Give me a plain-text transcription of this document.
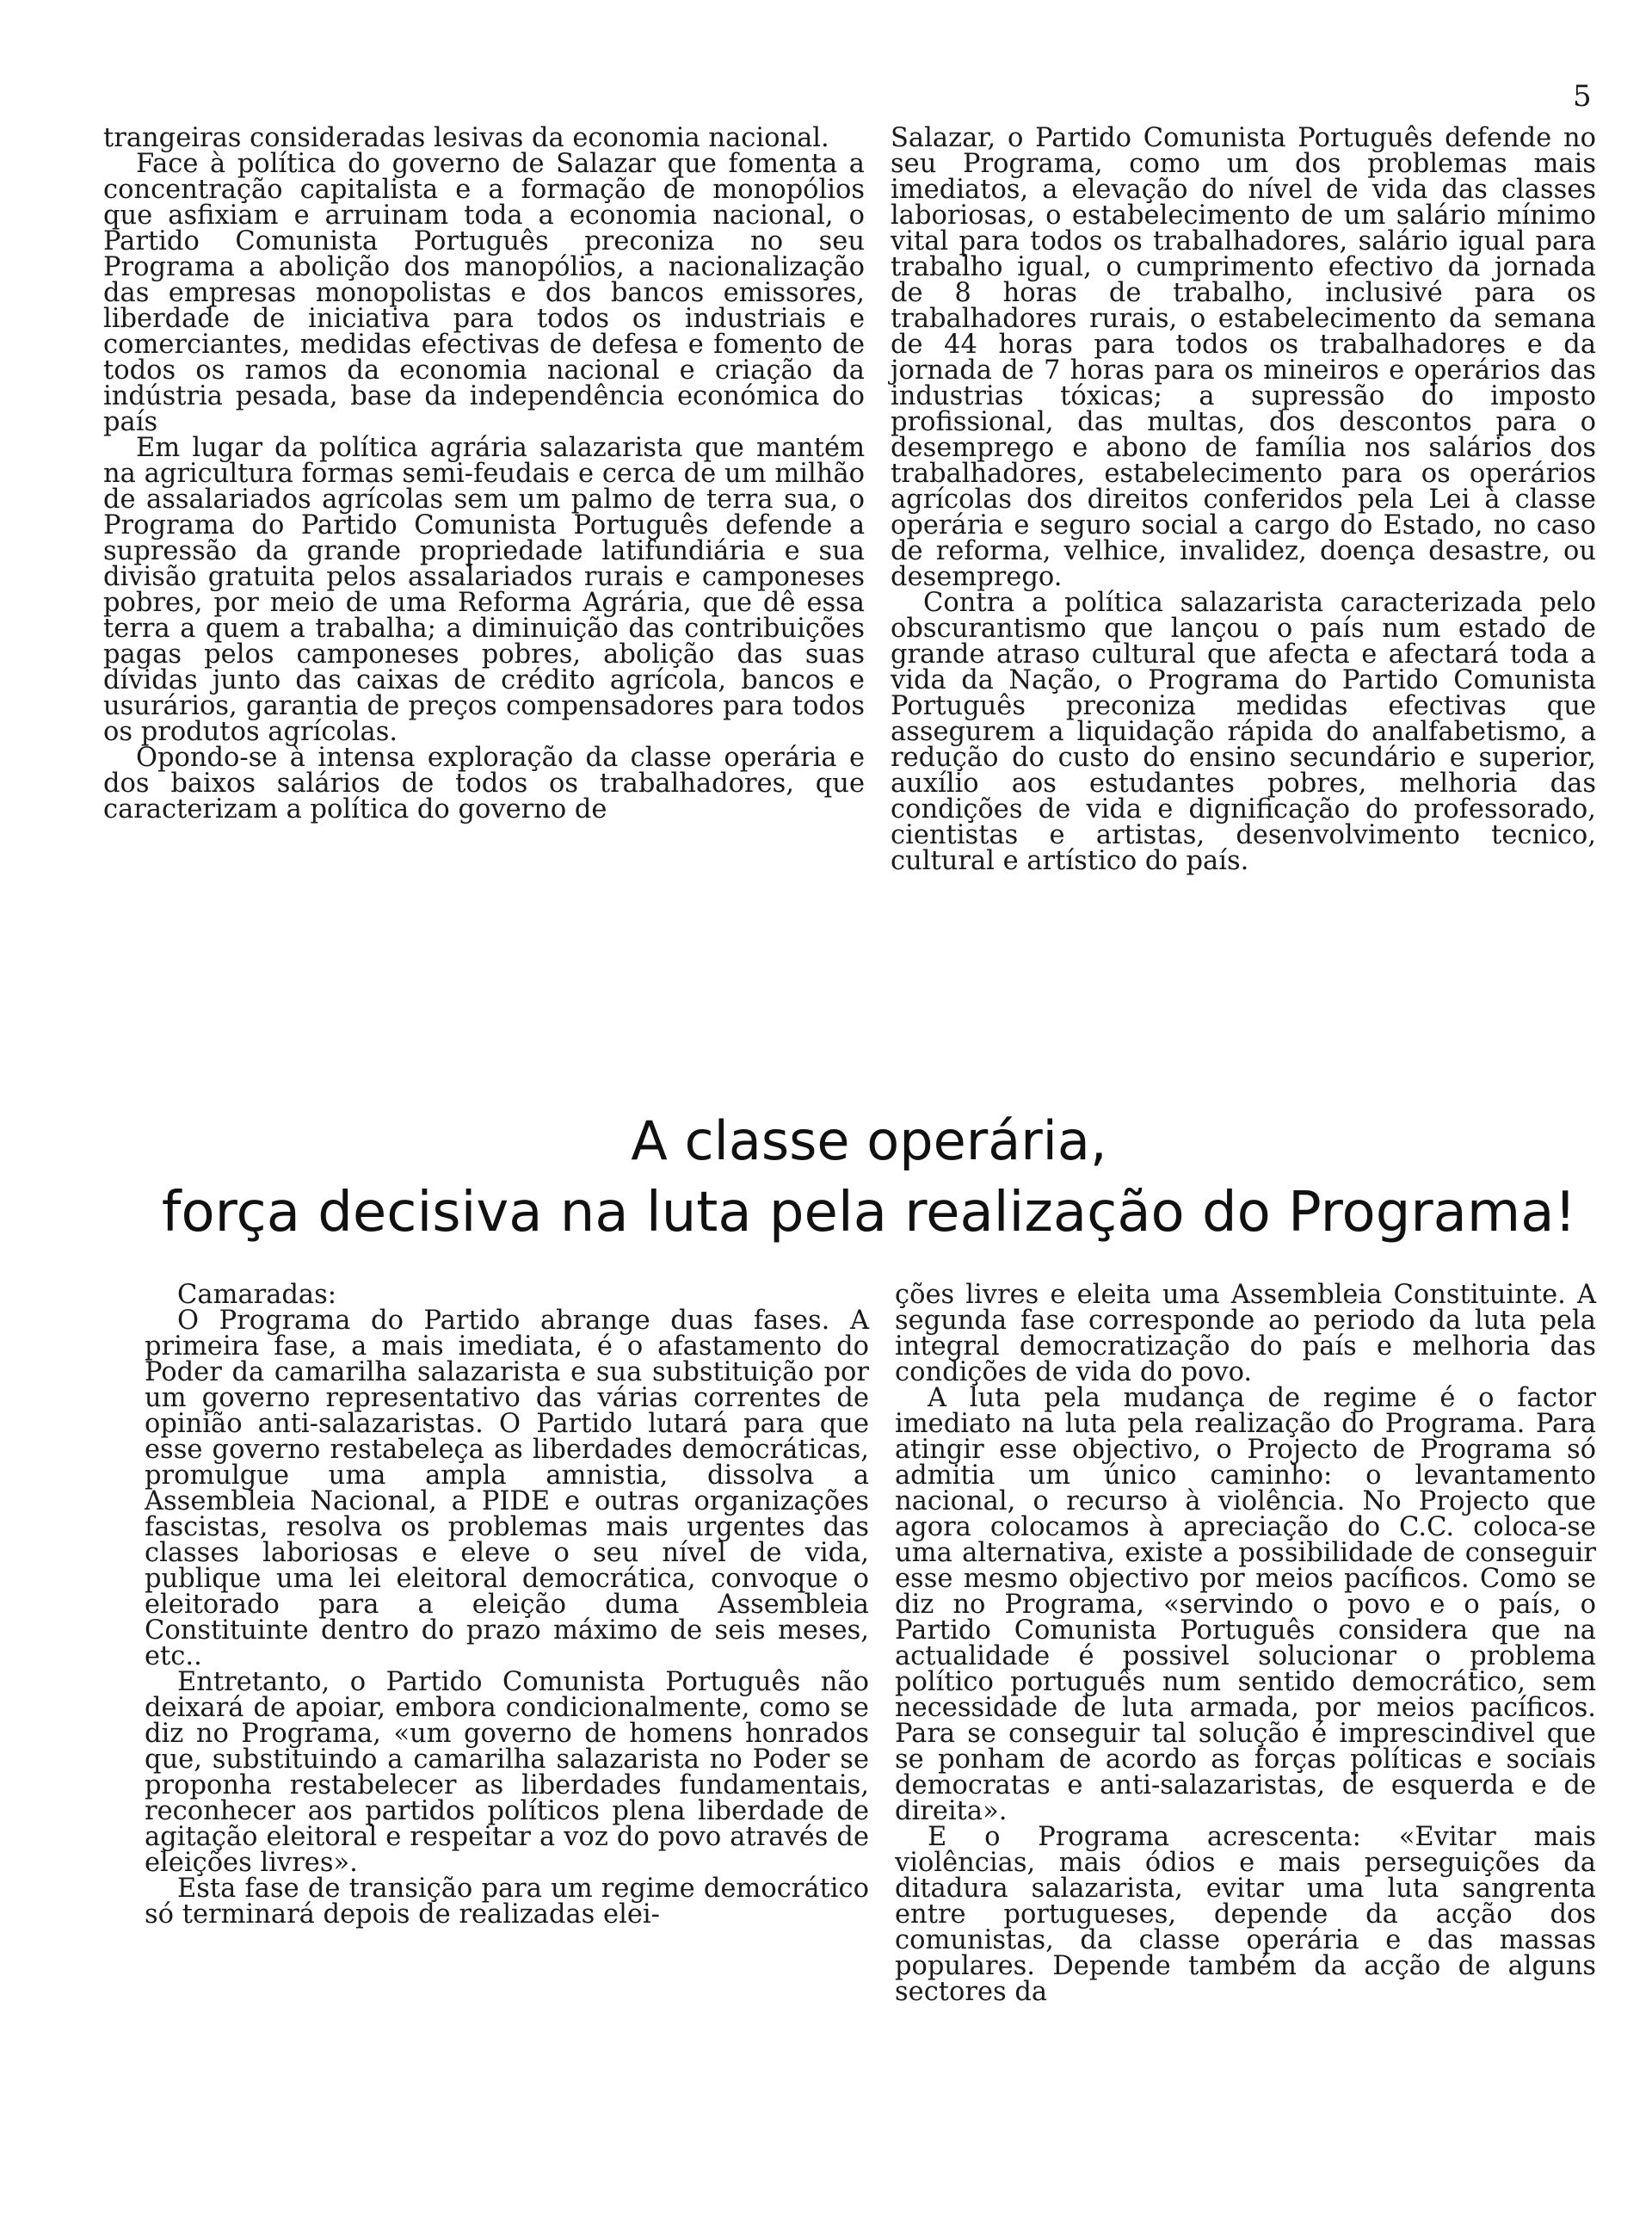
5

trangeiras consideradas lesivas da economia nacional.

Face à política do governo de Salazar que fomenta a concentração capitalista e a formação de monopólios que asfixiam e arruinam toda a economia nacional, o Partido Comunista Português preconiza no seu Programa a abolição dos manopólios, a nacionalização das empresas monopolistas e dos bancos emissores, liberdade de iniciativa para todos os industriais e comerciantes, medidas efectivas de defesa e fomento de todos os ramos da economia nacional e criação da indústria pesada, base da independência económica do país

Em lugar da política agrária salazarista que mantém na agricultura formas semi-feudais e cerca de um milhão de assalariados agrícolas sem um palmo de terra sua, o Programa do Partido Comunista Português defende a supressão da grande propriedade latifundiária e sua divisão gratuita pelos assalariados rurais e camponeses pobres, por meio de uma Reforma Agrária, que dê essa terra a quem a trabalha; a diminuição das contribuições pagas pelos camponeses pobres, abolição das suas dívidas junto das caixas de crédito agrícola, bancos e usurários, garantia de preços compensadores para todos os produtos agrícolas.

Opondo-se à intensa exploração da classe operária e dos baixos salários de todos os trabalhadores, que caracterizam a política do governo de

Salazar, o Partido Comunista Português defende no seu Programa, como um dos problemas mais imediatos, a elevação do nível de vida das classes laboriosas, o estabelecimento de um salário mínimo vital para todos os trabalhadores, salário igual para trabalho igual, o cumprimento efectivo da jornada de 8 horas de trabalho, inclusivé para os trabalhadores rurais, o estabelecimento da semana de 44 horas para todos os trabalhadores e da jornada de 7 horas para os mineiros e operários das industrias tóxicas; a supressão do imposto profissional, das multas, dos descontos para o desemprego e abono de família nos salários dos trabalhadores, estabelecimento para os operários agrícolas dos direitos conferidos pela Lei à classe operária e seguro social a cargo do Estado, no caso de reforma, velhice, invalidez, doença desastre, ou desemprego.

Contra a política salazarista caracterizada pelo obscurantismo que lançou o país num estado de grande atraso cultural que afecta e afectará toda a vida da Nação, o Programa do Partido Comunista Português preconiza medidas efectivas que assegurem a liquidação rápida do analfabetismo, a redução do custo do ensino secundário e superior, auxílio aos estudantes pobres, melhoria das condições de vida e dignificação do professorado, cientistas e artistas, desenvolvimento tecnico, cultural e artístico do país.

A classe operária,
força decisiva na luta pela realização do Programa!

Camaradas:

O Programa do Partido abrange duas fases. A primeira fase, a mais imediata, é o afastamento do Poder da camarilha salazarista e sua substituição por um governo representativo das várias correntes de opinião anti-salazaristas. O Partido lutará para que esse governo restabeleça as liberdades democráticas, promulgue uma ampla amnistia, dissolva a Assembleia Nacional, a PIDE e outras organizações fascistas, resolva os problemas mais urgentes das classes laboriosas e eleve o seu nível de vida, publique uma lei eleitoral democrática, convoque o eleitorado para a eleição duma Assembleia Constituinte dentro do prazo máximo de seis meses, etc..

Entretanto, o Partido Comunista Português não deixará de apoiar, embora condicionalmente, como se diz no Programa, «um governo de homens honrados que, substituindo a camarilha salazarista no Poder se proponha restabelecer as liberdades fundamentais, reconhecer aos partidos políticos plena liberdade de agitação eleitoral e respeitar a voz do povo através de eleições livres».

Esta fase de transição para um regime democrático só terminará depois de realizadas elei-

ções livres e eleita uma Assembleia Constituinte. A segunda fase corresponde ao periodo da luta pela integral democratização do país e melhoria das condições de vida do povo.

A luta pela mudança de regime é o factor imediato na luta pela realização do Programa. Para atingir esse objectivo, o Projecto de Programa só admitia um único caminho: o levantamento nacional, o recurso à violência. No Projecto que agora colocamos à apreciação do C.C. coloca-se uma alternativa, existe a possibilidade de conseguir esse mesmo objectivo por meios pacíficos. Como se diz no Programa, «servindo o povo e o país, o Partido Comunista Português considera que na actualidade é possivel solucionar o problema político português num sentido democrático, sem necessidade de luta armada, por meios pacíficos. Para se conseguir tal solução é imprescindivel que se ponham de acordo as forças políticas e sociais democratas e anti-salazaristas, de esquerda e de direita».

E o Programa acrescenta: «Evitar mais violências, mais ódios e mais perseguições da ditadura salazarista, evitar uma luta sangrenta entre portugueses, depende da acção dos comunistas, da classe operária e das massas populares. Depende também da acção de alguns sectores da
